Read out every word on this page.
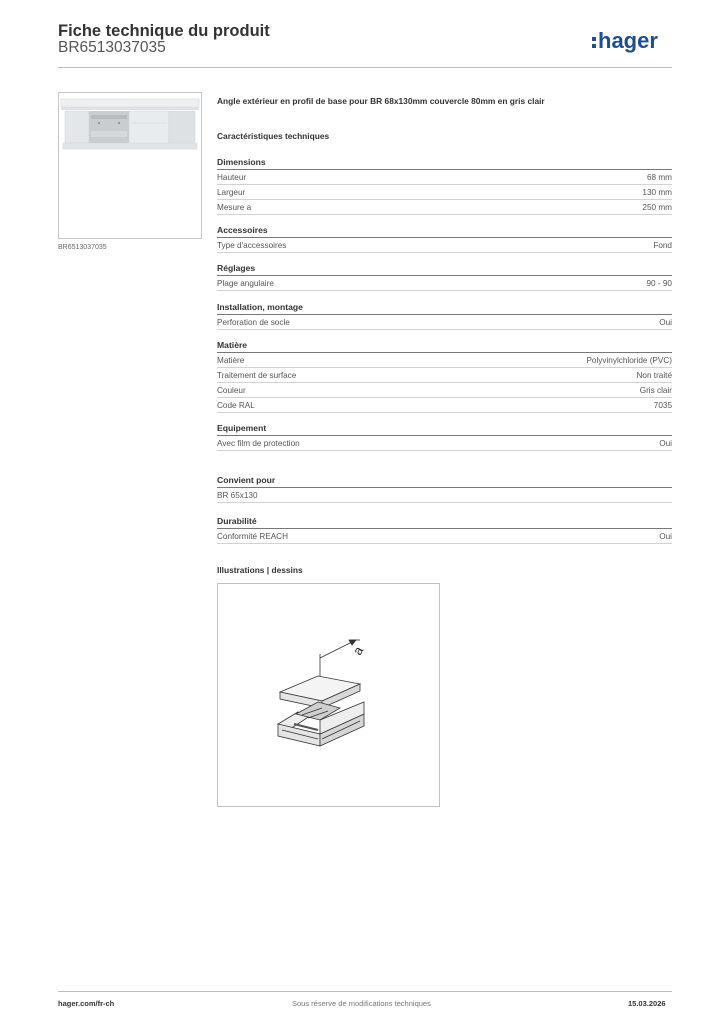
Fiche technique du produit
BR6513037035	hager
BR6513037035
Angle extérieur en profil de base pour BR 68x130mm couvercle 80mm en gris clair
Caractéristiques techniques
Dimensions
Hauteur	68 mm
Largeur	130 mm
Mesure a	250 mm
Accessoires
Type d'accessoires	Fond
Réglages
Plage angulaire	90 - 90
Installation, montage
Perforation de socle	Oui
Matière
Matière	Polyvinylchloride (PVC)
Traitement de surface	Non traité
Couleur	Gris clair
Code RAL	7035
Equipement
Avec film de protection	Oui
Convient pour
BR 65x130
Durabilité
Conformité REACH	Oui
Illustrations | dessins
a
hager.com/fr-ch	Sous réserve de modifications techniques	15.03.2026
